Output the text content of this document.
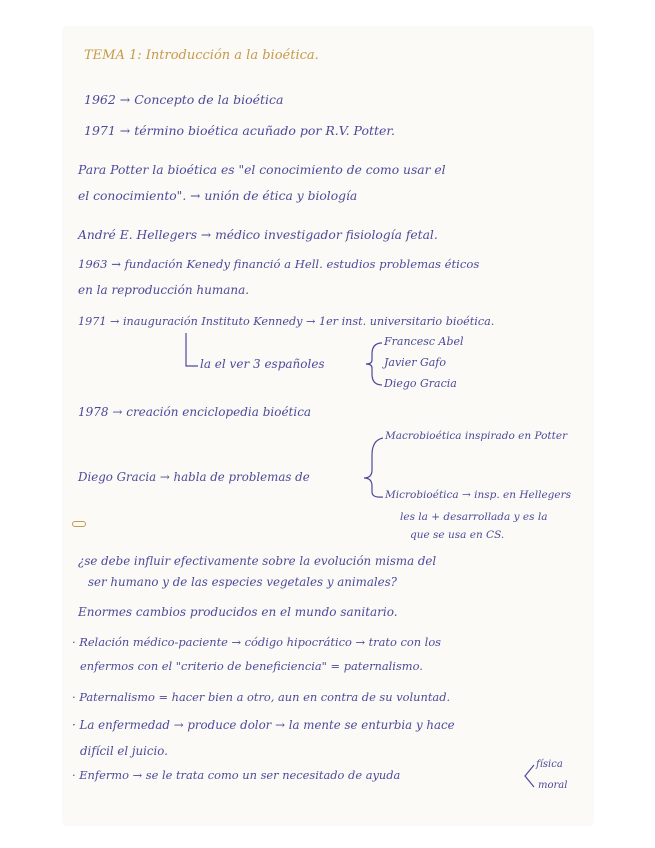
TEMA 1: Introducción a la bioética.
1962 → Concepto de la bioética
1971 → término bioética acuñado por R.V. Potter.
Para Potter la bioética es "el conocimiento de como usar el
el conocimiento". → unión de ética y biología
André E. Hellegers → médico investigador fisiología fetal.
1963 → fundación Kenedy financió a Hell. estudios problemas éticos
en la reproducción humana.
1971 → inauguración Instituto Kennedy → 1er inst. universitario bioética.
la el ver 3 españoles
Francesc Abel
Javier Gafo
Diego Gracia
1978 → creación enciclopedia bioética
Diego Gracia → habla de problemas de
Macrobioética inspirado en Potter
Microbioética → insp. en Hellegers
les la + desarrollada y es la
que se usa en CS.
¿se debe influir efectivamente sobre la evolución misma del
ser humano y de las especies vegetales y animales?
Enormes cambios producidos en el mundo sanitario.
· Relación médico-paciente → código hipocrático → trato con los
enfermos con el "criterio de beneficiencia" = paternalismo.
· Paternalismo = hacer bien a otro, aun en contra de su voluntad.
· La enfermedad → produce dolor → la mente se enturbia y hace
difícil el juicio.
· Enfermo → se le trata como un ser necesitado de ayuda
física
moral
